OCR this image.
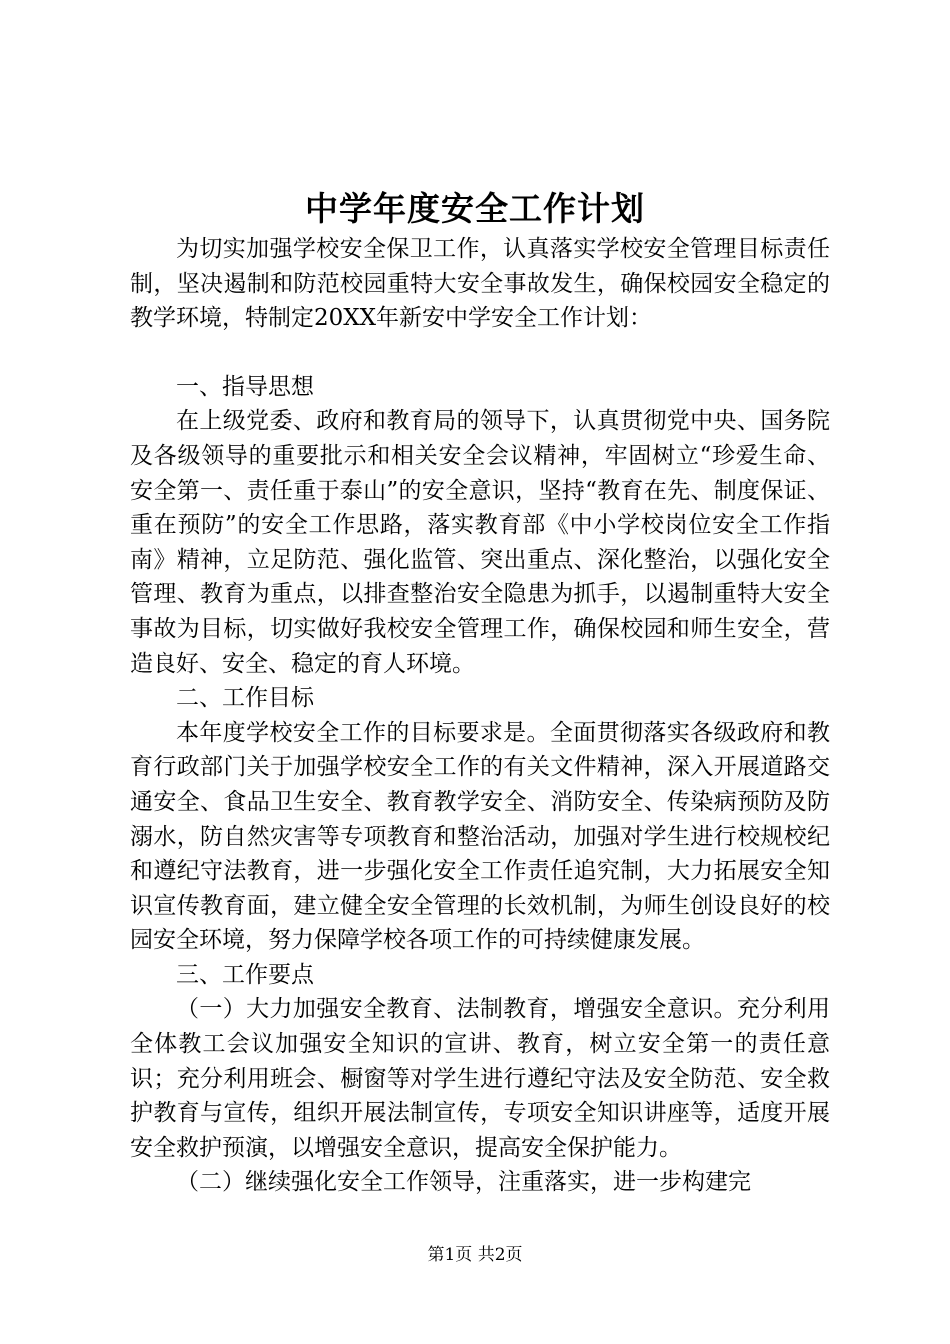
中学年度安全工作计划

为切实加强学校安全保卫工作，认真落实学校安全管理目标责任制，坚决遏制和防范校园重特大安全事故发生，确保校园安全稳定的教学环境，特制定20XX年新安中学安全工作计划：

一、指导思想

在上级党委、政府和教育局的领导下，认真贯彻党中央、国务院及各级领导的重要批示和相关安全会议精神，牢固树立“珍爱生命、安全第一、责任重于泰山”的安全意识，坚持“教育在先、制度保证、重在预防”的安全工作思路，落实教育部《中小学校岗位安全工作指南》精神，立足防范、强化监管、突出重点、深化整治，以强化安全管理、教育为重点，以排查整治安全隐患为抓手，以遏制重特大安全事故为目标，切实做好我校安全管理工作，确保校园和师生安全，营造良好、安全、稳定的育人环境。

二、工作目标

本年度学校安全工作的目标要求是。全面贯彻落实各级政府和教育行政部门关于加强学校安全工作的有关文件精神，深入开展道路交通安全、食品卫生安全、教育教学安全、消防安全、传染病预防及防溺水，防自然灾害等专项教育和整治活动，加强对学生进行校规校纪和遵纪守法教育，进一步强化安全工作责任追究制，大力拓展安全知识宣传教育面，建立健全安全管理的长效机制，为师生创设良好的校园安全环境，努力保障学校各项工作的可持续健康发展。

三、工作要点

（一）大力加强安全教育、法制教育，增强安全意识。充分利用全体教工会议加强安全知识的宣讲、教育，树立安全第一的责任意识；充分利用班会、橱窗等对学生进行遵纪守法及安全防范、安全救护教育与宣传，组织开展法制宣传，专项安全知识讲座等，适度开展安全救护预演，以增强安全意识，提高安全保护能力。

（二）继续强化安全工作领导，注重落实，进一步构建完

第1页 共2页
